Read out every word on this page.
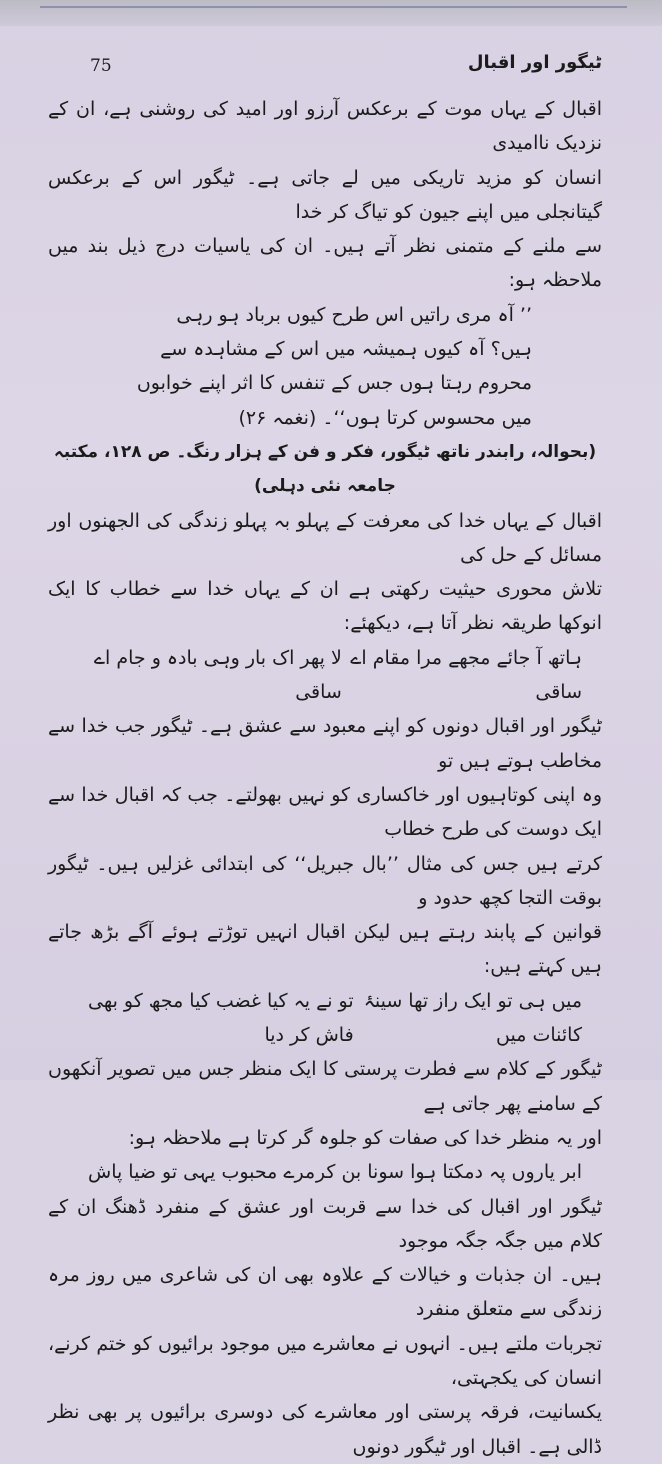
75	ٹیگور اور اقبال

اقبال کے یہاں موت کے برعکس آرزو اور امید کی روشنی ہے، ان کے نزدیک ناامیدی

انسان کو مزید تاریکی میں لے جاتی ہے۔ ٹیگور اس کے برعکس گیتانجلی میں اپنے جیون کو تیاگ کر خدا

سے ملنے کے متمنی نظر آتے ہیں۔ ان کی یاسیات درج ذیل بند میں ملاحظہ ہو:

’’ آہ مری راتیں اس طرح کیوں برباد ہو رہی

ہیں؟ آہ کیوں ہمیشہ میں اس کے مشاہدہ سے

محروم رہتا ہوں جس کے تنفس کا اثر اپنے خوابوں

میں محسوس کرتا ہوں‘‘۔ (نغمہ ۲۶)

(بحوالہ، رابندر ناتھ ٹیگور، فکر و فن کے ہزار رنگ۔ ص ۱۲۸، مکتبہ جامعہ نئی دہلی)

اقبال کے یہاں خدا کی معرفت کے پہلو بہ پہلو زندگی کی الجھنوں اور مسائل کے حل کی

تلاش محوری حیثیت رکھتی ہے ان کے یہاں خدا سے خطاب کا ایک انوکھا طریقہ نظر آتا ہے، دیکھئے:

ہاتھ آ جائے مجھے مرا مقام اے ساقی
لا پھر اک بار وہی بادہ و جام اے ساقی

ٹیگور اور اقبال دونوں کو اپنے معبود سے عشق ہے۔ ٹیگور جب خدا سے مخاطب ہوتے ہیں تو

وہ اپنی کوتاہیوں اور خاکساری کو نہیں بھولتے۔ جب کہ اقبال خدا سے ایک دوست کی طرح خطاب

کرتے ہیں جس کی مثال ’’بال جبریل‘‘ کی ابتدائی غزلیں ہیں۔ ٹیگور بوقت التجا کچھ حدود و

قوانین کے پابند رہتے ہیں لیکن اقبال انہیں توڑتے ہوئے آگے بڑھ جاتے ہیں کہتے ہیں:

میں ہی تو ایک راز تھا سینۂ کائنات میں
تو نے یہ کیا غضب کیا مجھ کو بھی فاش کر دیا

ٹیگور کے کلام سے فطرت پرستی کا ایک منظر جس میں تصویر آنکھوں کے سامنے پھر جاتی ہے

اور یہ منظر خدا کی صفات کو جلوہ گر کرتا ہے ملاحظہ ہو:

ابر یاروں پہ دمکتا ہوا سونا بن کر
مرے محبوب یہی تو ضیا پاش

ٹیگور اور اقبال کی خدا سے قربت اور عشق کے منفرد ڈھنگ ان کے کلام میں جگہ جگہ موجود

ہیں۔ ان جذبات و خیالات کے علاوہ بھی ان کی شاعری میں روز مرہ زندگی سے متعلق منفرد

تجربات ملتے ہیں۔ انہوں نے معاشرے میں موجود برائیوں کو ختم کرنے، انسان کی یکجہتی،

یکسانیت، فرقہ پرستی اور معاشرے کی دوسری برائیوں پر بھی نظر ڈالی ہے۔ اقبال اور ٹیگور دونوں
